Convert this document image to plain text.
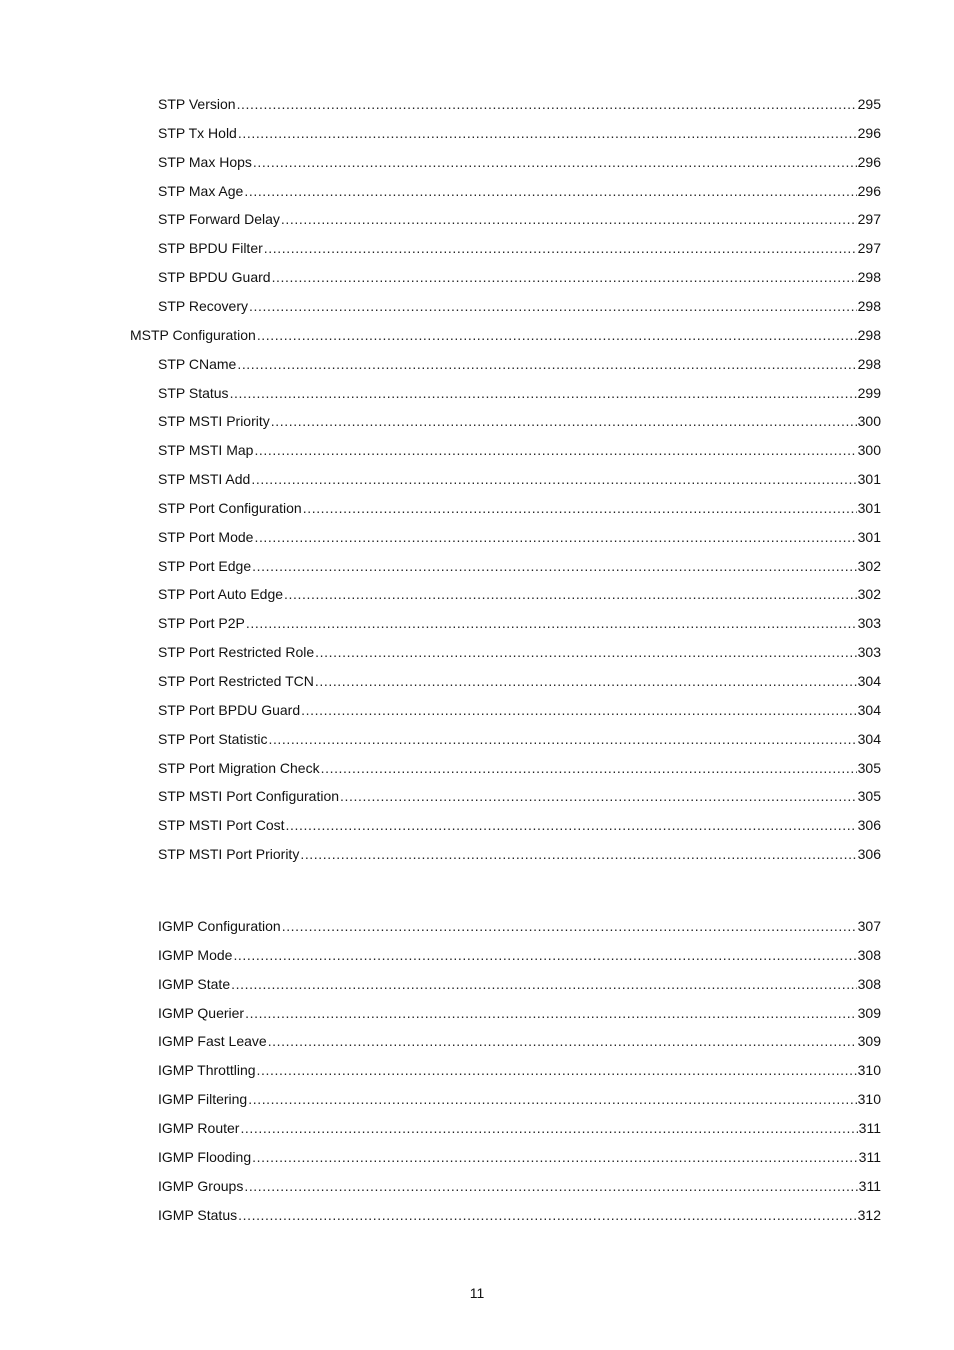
STP Version .....	295
STP Tx Hold .....	296
STP Max Hops .....	296
STP Max Age .....	296
STP Forward Delay .....	297
STP BPDU Filter .....	297
STP BPDU Guard .....	298
STP Recovery .....	298
MSTP Configuration .....	298
STP CName .....	298
STP Status .....	299
STP MSTI Priority .....	300
STP MSTI Map .....	300
STP MSTI Add .....	301
STP Port Configuration .....	301
STP Port Mode .....	301
STP Port Edge .....	302
STP Port Auto Edge .....	302
STP Port P2P .....	303
STP Port Restricted Role .....	303
STP Port Restricted TCN .....	304
STP Port BPDU Guard .....	304
STP Port Statistic .....	304
STP Port Migration Check .....	305
STP MSTI Port Configuration .....	305
STP MSTI Port Cost .....	306
STP MSTI Port Priority .....	306
IGMP Configuration .....	307
IGMP Mode .....	308
IGMP State .....	308
IGMP Querier .....	309
IGMP Fast Leave .....	309
IGMP Throttling .....	310
IGMP Filtering .....	310
IGMP Router .....	311
IGMP Flooding .....	311
IGMP Groups .....	311
IGMP Status .....	312
11
